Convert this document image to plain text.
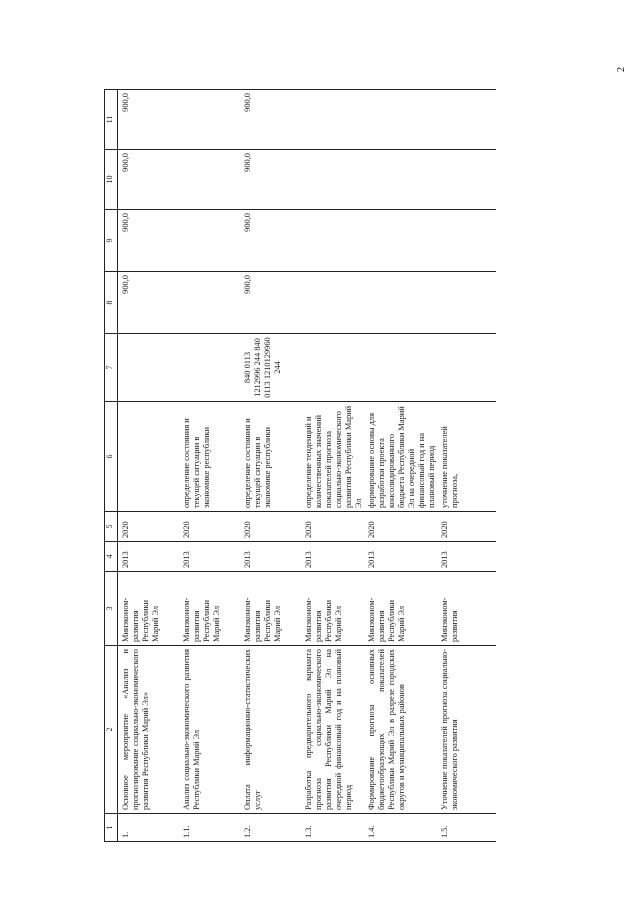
2
1	2	3	4	5	6	7	8	9	10	11
1.	Основное мероприятие «Анализ и прогнозирование социально-экономического развития Республики Марий Эл»	Минэконом-развития Республики Марий Эл	2013	2020			900,0	900,0	900,0	900,0
1.1.	Анализ социально-экономического развития Республики Марий Эл	Минэконом-развития Республики Марий Эл	2013	2020	определение состояния и текущей ситуации в экономике республики					
1.2.	Оплата информационно-статистических услуг	Минэконом-развития Республики Марий Эл	2013	2020	определение состояния и текущей ситуации в экономике республики	840 0113 1212996 244 840 0113 1210129960 244	900,0	900,0	900,0	900,0
1.3.	Разработка предварительного варианта прогноза социально-экономического развития Республики Марий Эл на очередной финансовый год и на плановый период	Минэконом-развития Республики Марий Эл	2013	2020	определение тенденций и количественных значений показателей прогноза социально-экономического развития Республики Марий Эл					
1.4.	Формирование прогноза основных бюджетообразующих показателей Республики Марий Эл в разрезе городских округов и муниципальных районов	Минэконом-развития Республики Марий Эл	2013	2020	формирование основы для разработки проекта консолидированного бюджета Республики Марий Эл на очередной финансовый год и на плановый период					
1.5.	Уточнение показателей прогноза социально-экономического развития	Минэконом-развития	2013	2020	уточнение показателей прогноза,					
